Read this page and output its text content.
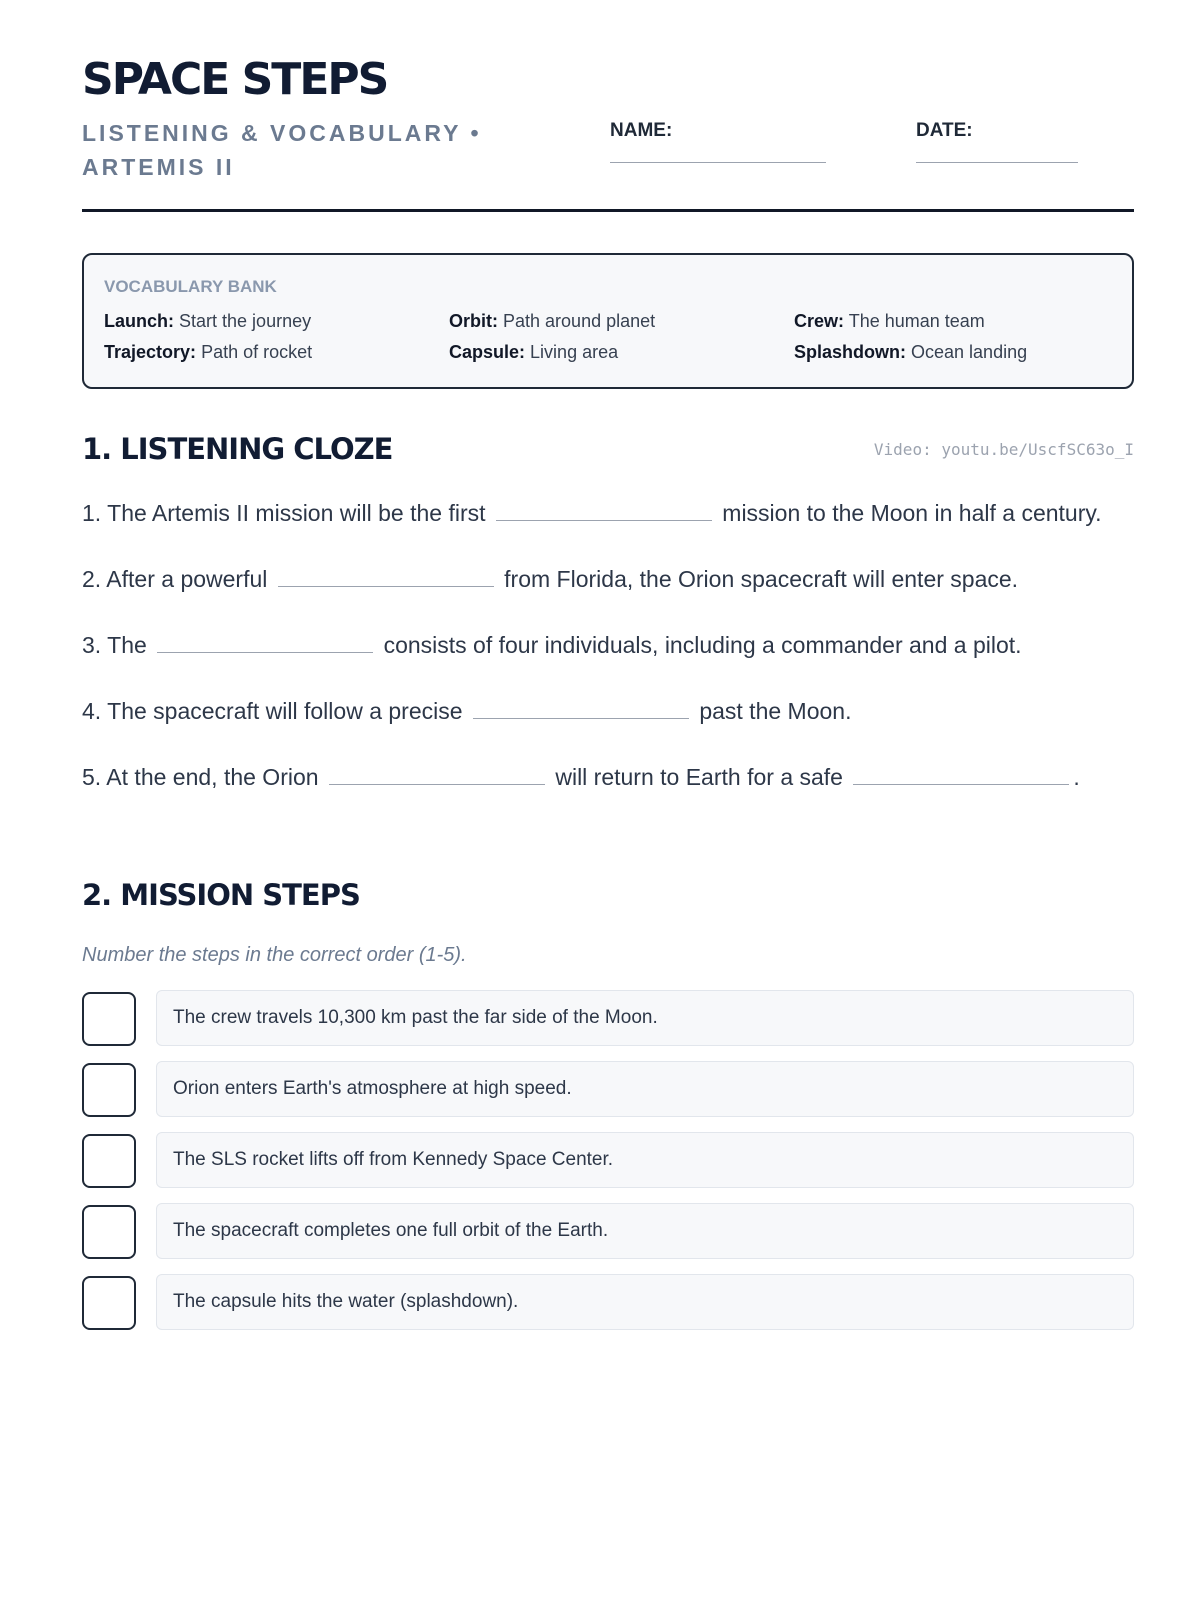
SPACE STEPS

LISTENING & VOCABULARY • ARTEMIS II

NAME:	DATE:

VOCABULARY BANK

Launch: Start the journey	Orbit: Path around planet	Crew: The human team
Trajectory: Path of rocket	Capsule: Living area	Splashdown: Ocean landing
1. LISTENING CLOZE	Video: youtu.be/UscfSC63o_I

1. The Artemis II mission will be the first	mission to the Moon in half a century.

2. After a powerful	from Florida, the Orion spacecraft will enter space.

3. The	consists of four individuals, including a commander and a pilot.

4. The spacecraft will follow a precise	past the Moon.

5. At the end, the Orion	will return to Earth for a safe	.

2. MISSION STEPS

Number the steps in the correct order (1-5).

The crew travels 10,300 km past the far side of the Moon.
Orion enters Earth's atmosphere at high speed.
The SLS rocket lifts off from Kennedy Space Center.
The spacecraft completes one full orbit of the Earth.
The capsule hits the water (splashdown).
